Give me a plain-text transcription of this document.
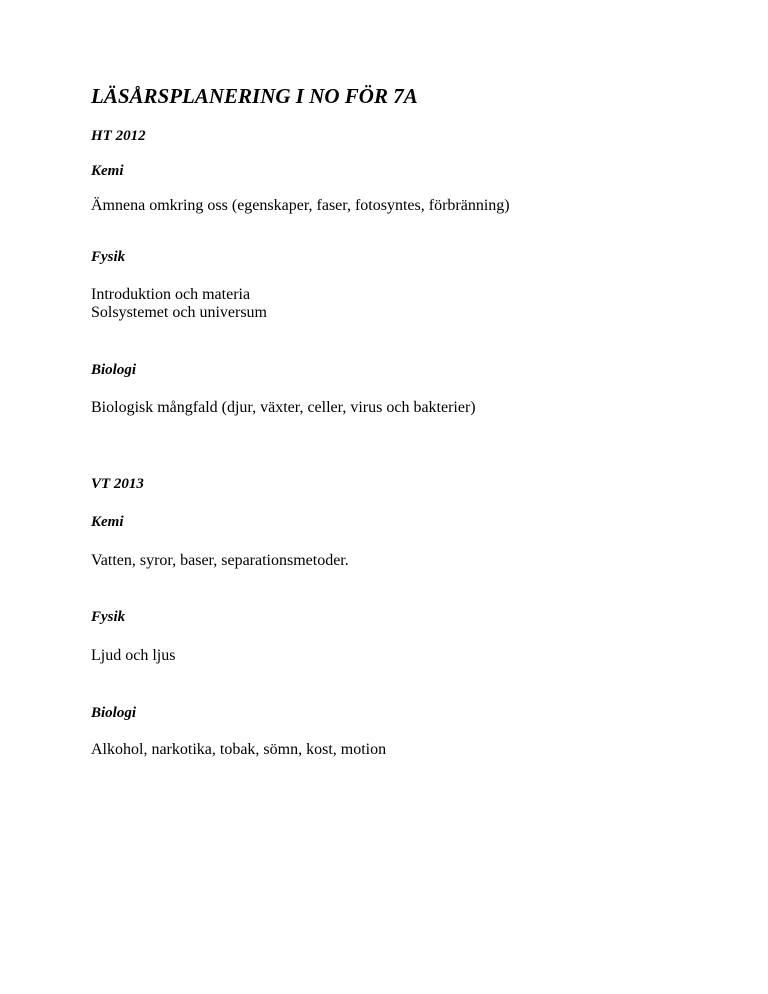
LÄSÅRSPLANERING I NO FÖR 7A
HT 2012
Kemi

Ämnena omkring oss (egenskaper, faser, fotosyntes, förbränning)

Fysik

Introduktion och materia

Solsystemet och universum

Biologi

Biologisk mångfald (djur, växter, celler, virus och bakterier)

VT 2013
Kemi

Vatten, syror, baser, separationsmetoder.

Fysik

Ljud och ljus

Biologi

Alkohol, narkotika, tobak, sömn, kost, motion
